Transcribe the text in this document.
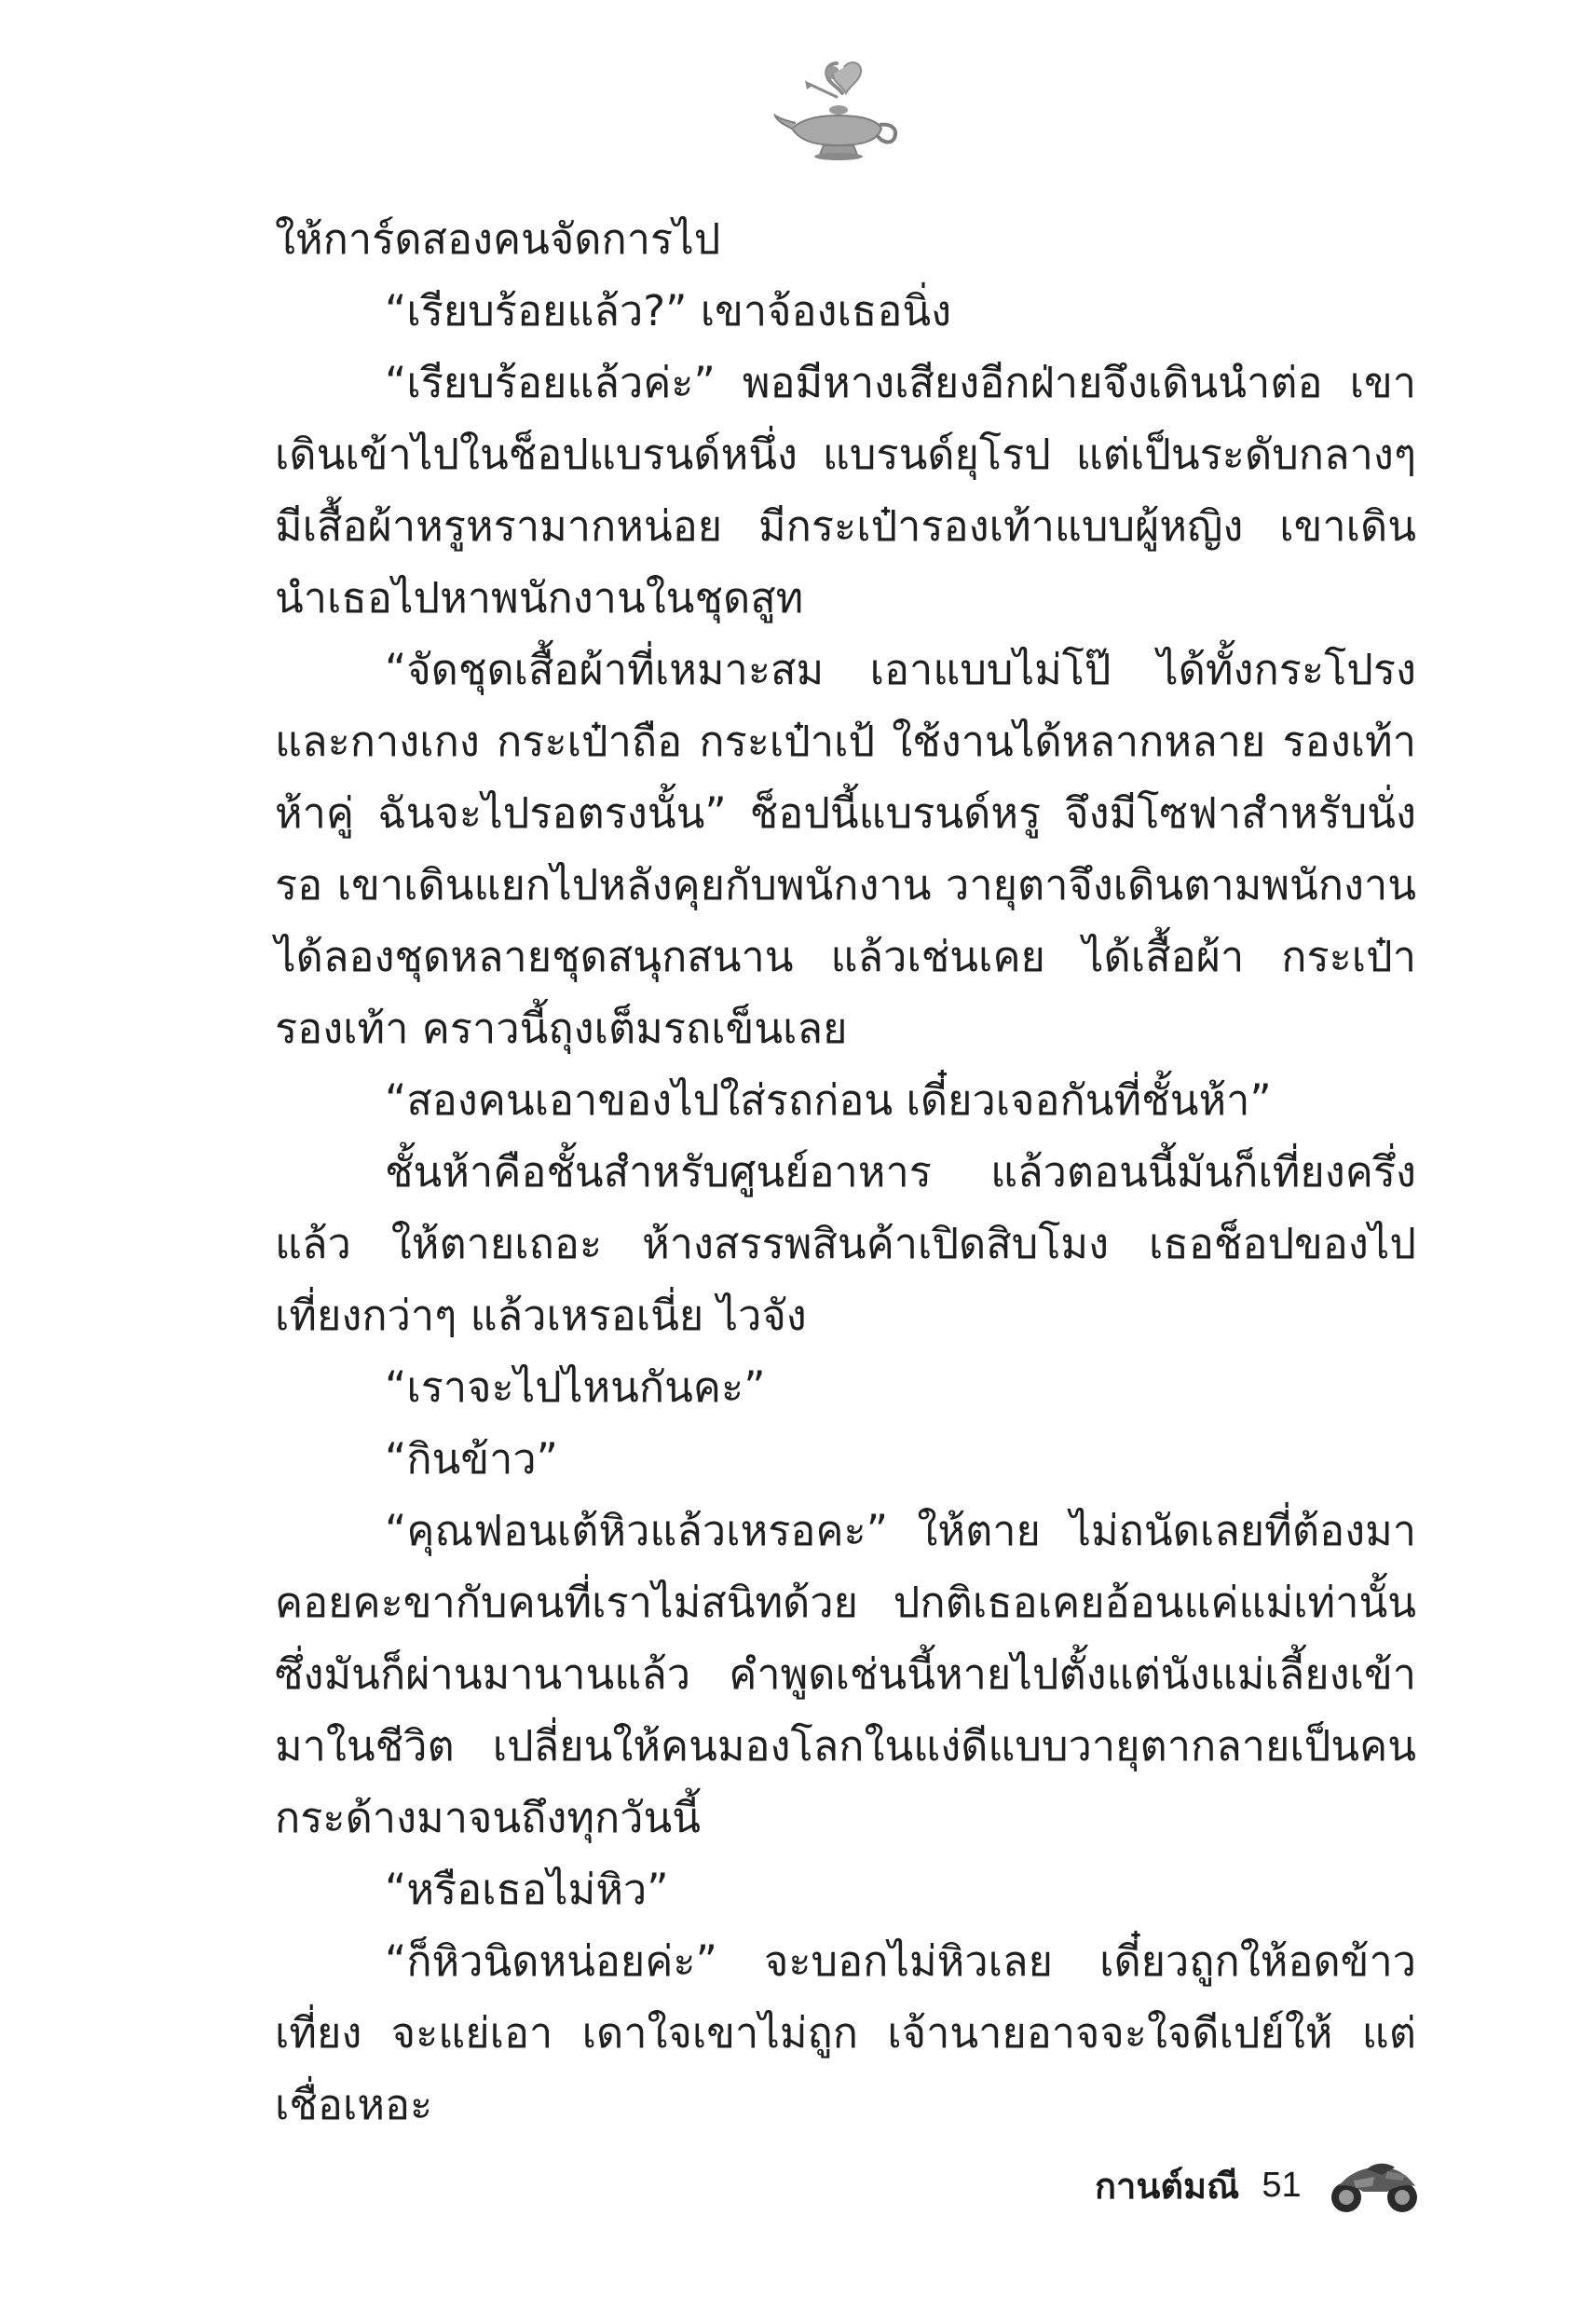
ให้การ์ดสองคนจัดการไป

“เรียบร้อยแล้ว?” เขาจ้องเธอนิ่ง

“เรียบร้อยแล้วค่ะ” พอมีหางเสียงอีกฝ่ายจึงเดินนำต่อ เขาเดินเข้าไปในช็อปแบรนด์หนึ่ง แบรนด์ยุโรป แต่เป็นระดับกลางๆ มีเสื้อผ้าหรูหรามากหน่อย มีกระเป๋ารองเท้าแบบผู้หญิง เขาเดินนำเธอไปหาพนักงานในชุดสูท

“จัดชุดเสื้อผ้าที่เหมาะสม เอาแบบไม่โป๊ ได้ทั้งกระโปรงและกางเกง กระเป๋าถือ กระเป๋าเป้ ใช้งานได้หลากหลาย รองเท้าห้าคู่ ฉันจะไปรอตรงนั้น” ช็อปนี้แบรนด์หรู จึงมีโซฟาสำหรับนั่งรอ เขาเดินแยกไปหลังคุยกับพนักงาน วายุตาจึงเดินตามพนักงาน ได้ลองชุดหลายชุดสนุกสนาน แล้วเช่นเคย ได้เสื้อผ้า กระเป๋า รองเท้า คราวนี้ถุงเต็มรถเข็นเลย

“สองคนเอาของไปใส่รถก่อน เดี๋ยวเจอกันที่ชั้นห้า”

ชั้นห้าคือชั้นสำหรับศูนย์อาหาร แล้วตอนนี้มันก็เที่ยงครึ่งแล้ว ให้ตายเถอะ ห้างสรรพสินค้าเปิดสิบโมง เธอช็อปของไปเที่ยงกว่าๆ แล้วเหรอเนี่ย ไวจัง

“เราจะไปไหนกันคะ”

“กินข้าว”

“คุณฟอนเต้หิวแล้วเหรอคะ” ให้ตาย ไม่ถนัดเลยที่ต้องมาคอยคะขากับคนที่เราไม่สนิทด้วย ปกติเธอเคยอ้อนแค่แม่เท่านั้น ซึ่งมันก็ผ่านมานานแล้ว คำพูดเช่นนี้หายไปตั้งแต่นังแม่เลี้ยงเข้ามาในชีวิต เปลี่ยนให้คนมองโลกในแง่ดีแบบวายุตากลายเป็นคนกระด้างมาจนถึงทุกวันนี้

“หรือเธอไม่หิว”

“ก็หิวนิดหน่อยค่ะ” จะบอกไม่หิวเลย เดี๋ยวถูกให้อดข้าวเที่ยง จะแย่เอา เดาใจเขาไม่ถูก เจ้านายอาจจะใจดีเปย์ให้ แต่เชื่อเหอะ

กานต์มณี 51
